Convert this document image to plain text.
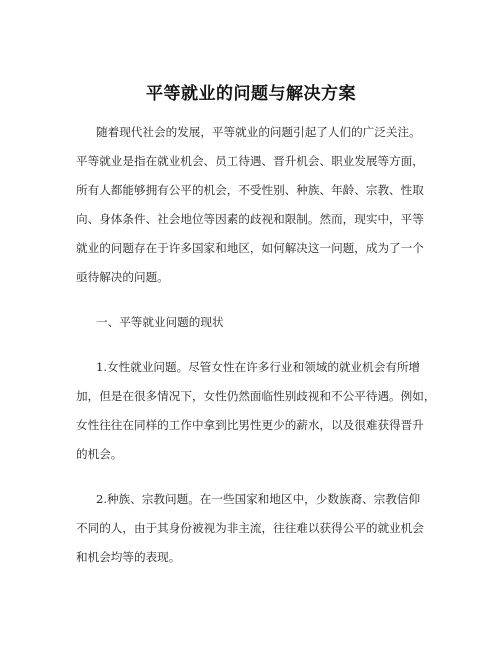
平等就业的问题与解决方案
随着现代社会的发展，平等就业的问题引起了人们的广泛关注。
平等就业是指在就业机会、员工待遇、晋升机会、职业发展等方面，
所有人都能够拥有公平的机会，不受性别、种族、年龄、宗教、性取
向、身体条件、社会地位等因素的歧视和限制。然而，现实中，平等
就业的问题存在于许多国家和地区，如何解决这一问题，成为了一个
亟待解决的问题。
一、平等就业问题的现状
1.女性就业问题。尽管女性在许多行业和领域的就业机会有所增
加，但是在很多情况下，女性仍然面临性别歧视和不公平待遇。例如，
女性往往在同样的工作中拿到比男性更少的薪水，以及很难获得晋升
的机会。
2.种族、宗教问题。在一些国家和地区中，少数族裔、宗教信仰
不同的人，由于其身份被视为非主流，往往难以获得公平的就业机会
和机会均等的表现。
